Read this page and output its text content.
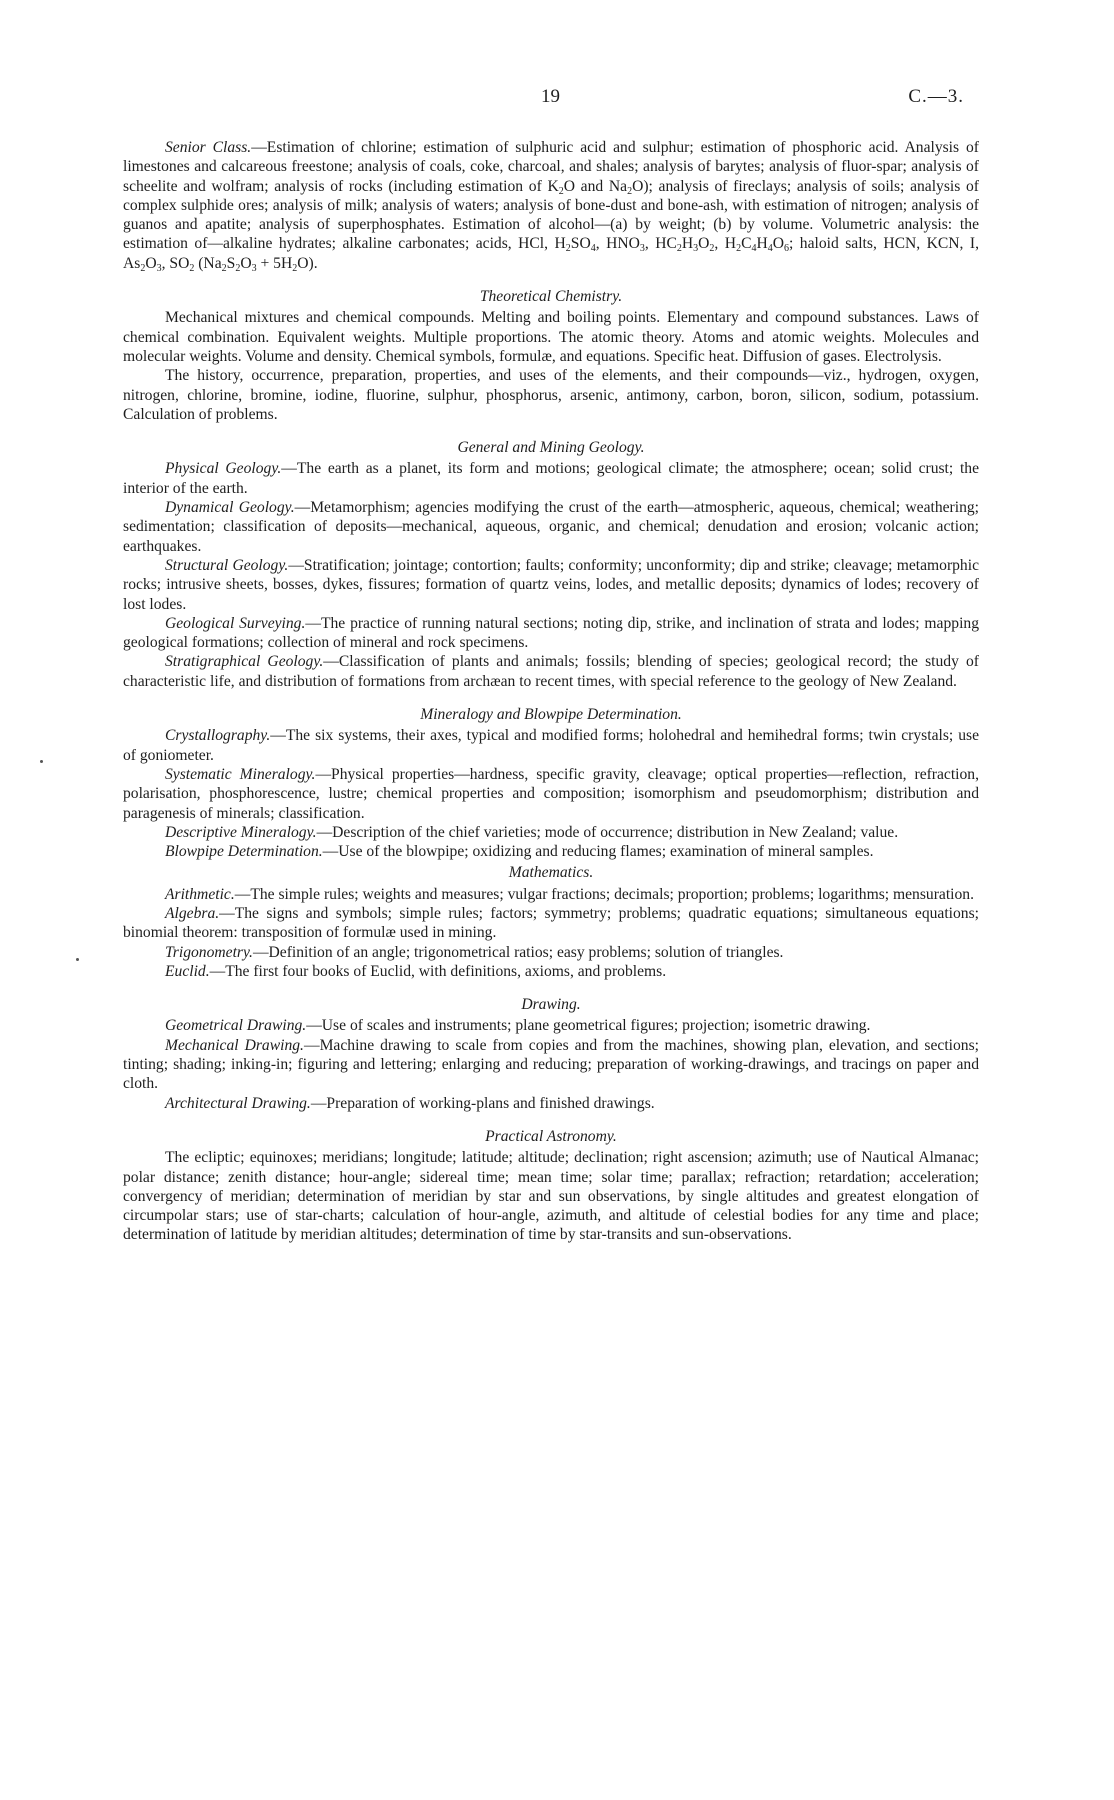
19	C.—3.

Senior Class.—Estimation of chlorine; estimation of sulphuric acid and sulphur; estimation of phosphoric acid. Analysis of limestones and calcareous freestone; analysis of coals, coke, charcoal, and shales; analysis of barytes; analysis of fluor-spar; analysis of scheelite and wolfram; analysis of rocks (including estimation of $K_2O$ and $Na_2O$); analysis of fireclays; analysis of soils; analysis of complex sulphide ores; analysis of milk; analysis of waters; analysis of bone-dust and bone-ash, with estimation of nitrogen; analysis of guanos and apatite; analysis of superphosphates. Estimation of alcohol—(a) by weight; (b) by volume. Volumetric analysis: the estimation of—alkaline hydrates; alkaline carbonates; acids, HCl, $H_2SO_4$, $HNO_3$, $HC_2H_3O_2$, $H_2C_4H_4O_6$; haloid salts, HCN, KCN, I, $As_2O_3$, $SO_2$ $(Na_2S_2O_3 + 5H_2O)$.

Theoretical Chemistry.

Mechanical mixtures and chemical compounds. Melting and boiling points. Elementary and compound substances. Laws of chemical combination. Equivalent weights. Multiple proportions. The atomic theory. Atoms and atomic weights. Molecules and molecular weights. Volume and density. Chemical symbols, formulæ, and equations. Specific heat. Diffusion of gases. Electrolysis.

The history, occurrence, preparation, properties, and uses of the elements, and their compounds—viz., hydrogen, oxygen, nitrogen, chlorine, bromine, iodine, fluorine, sulphur, phosphorus, arsenic, antimony, carbon, boron, silicon, sodium, potassium. Calculation of problems.

General and Mining Geology.

Physical Geology.—The earth as a planet, its form and motions; geological climate; the atmosphere; ocean; solid crust; the interior of the earth.

Dynamical Geology.—Metamorphism; agencies modifying the crust of the earth—atmospheric, aqueous, chemical; weathering; sedimentation; classification of deposits—mechanical, aqueous, organic, and chemical; denudation and erosion; volcanic action; earthquakes.

Structural Geology.—Stratification; jointage; contortion; faults; conformity; unconformity; dip and strike; cleavage; metamorphic rocks; intrusive sheets, bosses, dykes, fissures; formation of quartz veins, lodes, and metallic deposits; dynamics of lodes; recovery of lost lodes.

Geological Surveying.—The practice of running natural sections; noting dip, strike, and inclination of strata and lodes; mapping geological formations; collection of mineral and rock specimens.

Stratigraphical Geology.—Classification of plants and animals; fossils; blending of species; geological record; the study of characteristic life, and distribution of formations from archæan to recent times, with special reference to the geology of New Zealand.

Mineralogy and Blowpipe Determination.

Crystallography.—The six systems, their axes, typical and modified forms; holohedral and hemihedral forms; twin crystals; use of goniometer.

Systematic Mineralogy.—Physical properties—hardness, specific gravity, cleavage; optical properties—reflection, refraction, polarisation, phosphorescence, lustre; chemical properties and composition; isomorphism and pseudomorphism; distribution and paragenesis of minerals; classification.

Descriptive Mineralogy.—Description of the chief varieties; mode of occurrence; distribution in New Zealand; value.

Blowpipe Determination.—Use of the blowpipe; oxidizing and reducing flames; examination of mineral samples.

Mathematics.

Arithmetic.—The simple rules; weights and measures; vulgar fractions; decimals; proportion; problems; logarithms; mensuration.

Algebra.—The signs and symbols; simple rules; factors; symmetry; problems; quadratic equations; simultaneous equations; binomial theorem: transposition of formulæ used in mining.

Trigonometry.—Definition of an angle; trigonometrical ratios; easy problems; solution of triangles.

Euclid.—The first four books of Euclid, with definitions, axioms, and problems.

Drawing.

Geometrical Drawing.—Use of scales and instruments; plane geometrical figures; projection; isometric drawing.

Mechanical Drawing.—Machine drawing to scale from copies and from the machines, showing plan, elevation, and sections; tinting; shading; inking-in; figuring and lettering; enlarging and reducing; preparation of working-drawings, and tracings on paper and cloth.

Architectural Drawing.—Preparation of working-plans and finished drawings.

Practical Astronomy.

The ecliptic; equinoxes; meridians; longitude; latitude; altitude; declination; right ascension; azimuth; use of Nautical Almanac; polar distance; zenith distance; hour-angle; sidereal time; mean time; solar time; parallax; refraction; retardation; acceleration; convergency of meridian; determination of meridian by star and sun observations, by single altitudes and greatest elongation of circumpolar stars; use of star-charts; calculation of hour-angle, azimuth, and altitude of celestial bodies for any time and place; determination of latitude by meridian altitudes; determination of time by star-transits and sun-observations.
